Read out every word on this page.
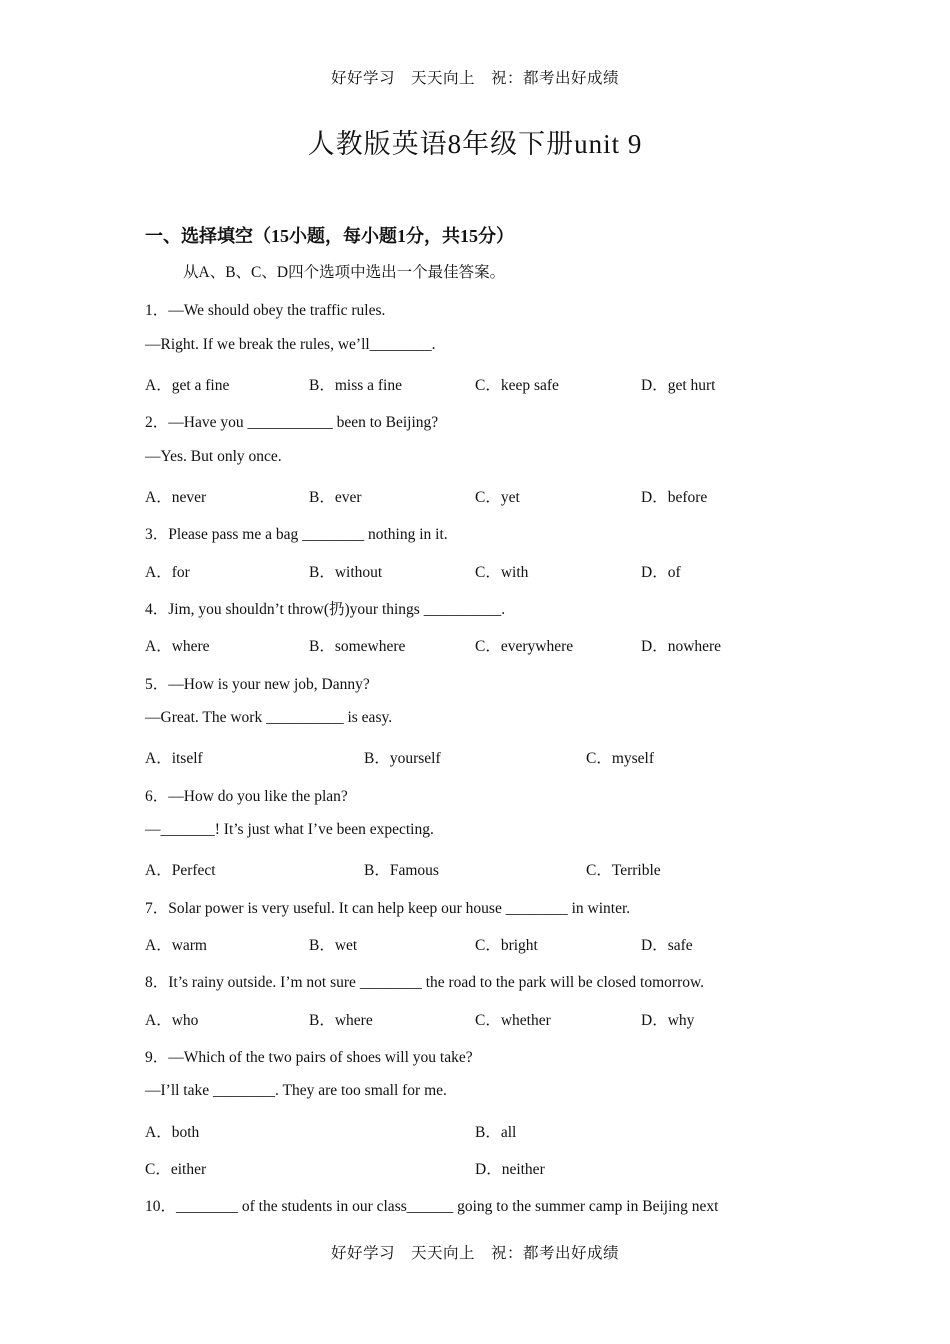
好好学习　天天向上　祝：都考出好成绩
人教版英语8年级下册unit 9
一、选择填空（15小题，每小题1分，共15分）
从A、B、C、D四个选项中选出一个最佳答案。
1．—We should obey the traffic rules.
—Right. If we break the rules, we’ll________.
A．get a fine	B．miss a fine	C．keep safe	D．get hurt
2．—Have you ___________ been to Beijing?
—Yes. But only once.
A．never	B．ever	C．yet	D．before
3．Please pass me a bag ________ nothing in it.
A．for	B．without	C．with	D．of
4．Jim, you shouldn’t throw(扔)your things __________.
A．where	B．somewhere	C．everywhere	D．nowhere
5．—How is your new job, Danny?
—Great. The work __________ is easy.
A．itself	B．yourself	C．myself
6．—How do you like the plan?
—_______! It’s just what I’ve been expecting.
A．Perfect	B．Famous	C．Terrible
7．Solar power is very useful. It can help keep our house ________ in winter.
A．warm	B．wet	C．bright	D．safe
8．It’s rainy outside. I’m not sure ________ the road to the park will be closed tomorrow.
A．who	B．where	C．whether	D．why
9．—Which of the two pairs of shoes will you take?
—I’ll take ________. They are too small for me.
A．both	B．all
C．either	D．neither
10．________ of the students in our class______ going to the summer camp in Beijing next
好好学习　天天向上　祝：都考出好成绩
